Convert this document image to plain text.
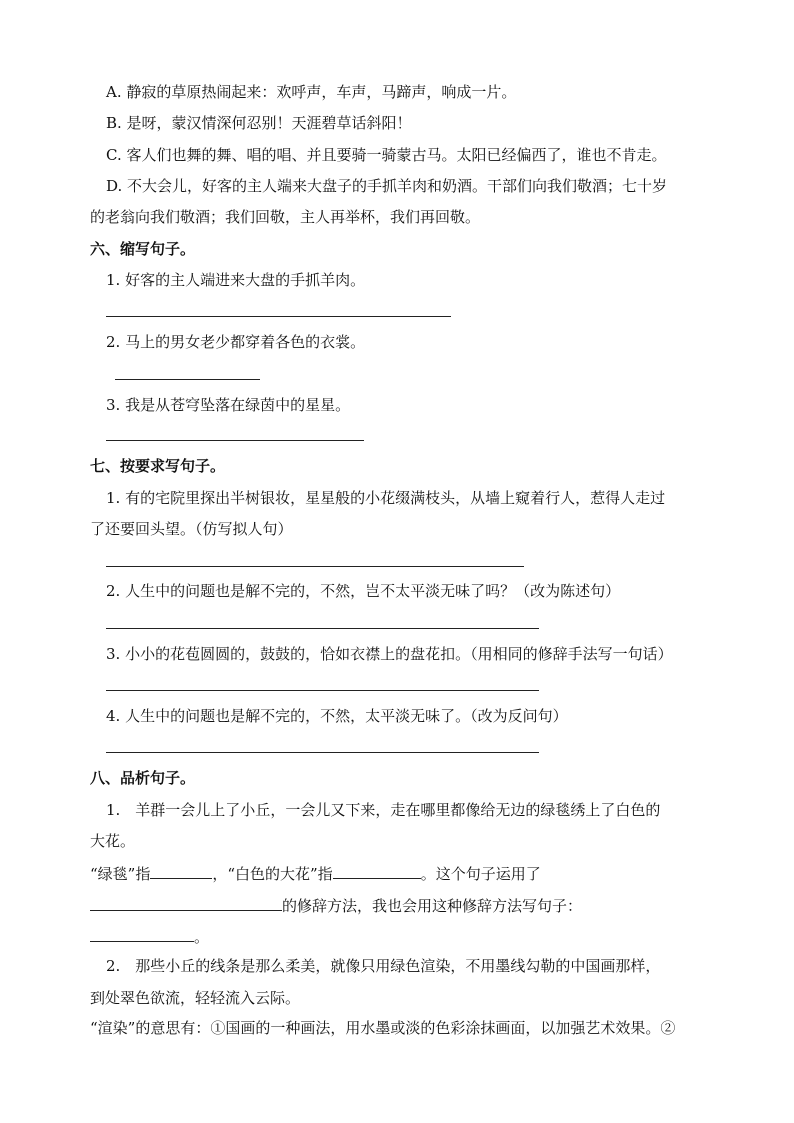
A. 静寂的草原热闹起来：欢呼声，车声，马蹄声，响成一片。
B. 是呀，蒙汉情深何忍别！天涯碧草话斜阳！
C. 客人们也舞的舞、唱的唱、并且要骑一骑蒙古马。太阳已经偏西了，谁也不肯走。
D. 不大会儿，好客的主人端来大盘子的手抓羊肉和奶酒。干部们向我们敬酒；七十岁
的老翁向我们敬酒；我们回敬，主人再举杯，我们再回敬。
六、缩写句子。
1. 好客的主人端进来大盘的手抓羊肉。
2. 马上的男女老少都穿着各色的衣裳。
3. 我是从苍穹坠落在绿茵中的星星。
七、按要求写句子。
1. 有的宅院里探出半树银妆，星星般的小花缀满枝头，从墙上窥着行人，惹得人走过
了还要回头望。（仿写拟人句）
2. 人生中的问题也是解不完的，不然，岂不太平淡无味了吗？（改为陈述句）
3. 小小的花苞圆圆的，鼓鼓的，恰如衣襟上的盘花扣。（用相同的修辞手法写一句话）
4. 人生中的问题也是解不完的，不然，太平淡无味了。（改为反问句）
八、品析句子。
1.　羊群一会儿上了小丘，一会儿又下来，走在哪里都像给无边的绿毯绣上了白色的
大花。
“绿毯”指	，“白色的大花”指	。这个句子运用了
的修辞方法，我也会用这种修辞方法写句子：
。
2.　那些小丘的线条是那么柔美，就像只用绿色渲染，不用墨线勾勒的中国画那样，
到处翠色欲流，轻轻流入云际。
“渲染”的意思有：①国画的一种画法，用水墨或淡的色彩涂抹画面，以加强艺术效果。②
